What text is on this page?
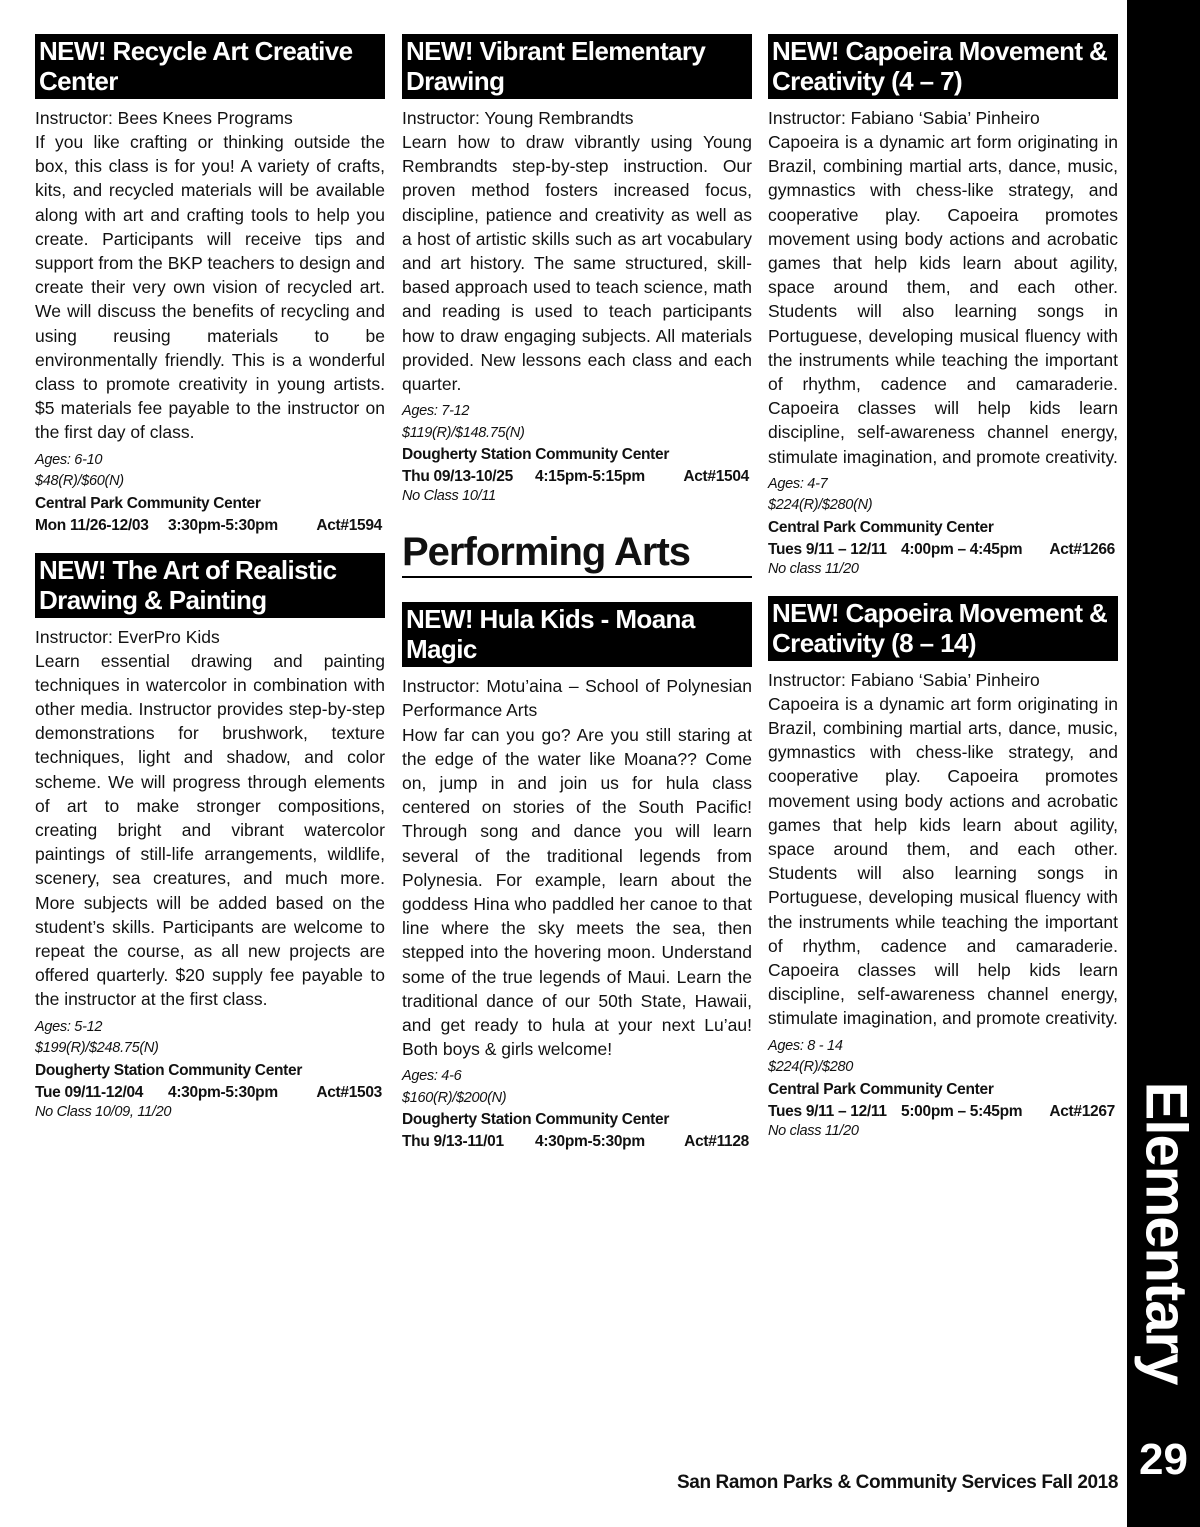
Elementary
29
NEW! Recycle Art Creative
Center
Instructor: Bees Knees Programs
If you like crafting or thinking outside the box, this class is for you! A variety of crafts, kits, and recycled materials will be available along with art and crafting tools to help you create. Participants will receive tips and support from the BKP teachers to design and create their very own vision of recycled art. We will discuss the benefits of recycling and using reusing materials to be environmentally friendly. This is a wonderful class to promote creativity in young artists. $5 materials fee payable to the instructor on the first day of class.
Ages: 6-10
$48(R)/$60(N)
Central Park Community Center
Mon 11/26-12/03	3:30pm-5:30pm	Act#1594
NEW! The Art of Realistic
Drawing & Painting
Instructor: EverPro Kids
Learn essential drawing and painting techniques in watercolor in combination with other media. Instructor provides step-by-step demonstrations for brushwork, texture techniques, light and shadow, and color scheme. We will progress through elements of art to make stronger compositions, creating bright and vibrant watercolor paintings of still-life arrangements, wildlife, scenery, sea creatures, and much more. More subjects will be added based on the student’s skills. Participants are welcome to repeat the course, as all new projects are offered quarterly. $20 supply fee payable to the instructor at the first class.
Ages: 5-12
$199(R)/$248.75(N)
Dougherty Station Community Center
Tue 09/11-12/04	4:30pm-5:30pm	Act#1503
No Class 10/09, 11/20
NEW! Vibrant Elementary
Drawing
Instructor: Young Rembrandts
Learn how to draw vibrantly using Young Rembrandts step-by-step instruction. Our proven method fosters increased focus, discipline, patience and creativity as well as a host of artistic skills such as art vocabulary and art history. The same structured, skill-based approach used to teach science, math and reading is used to teach participants how to draw engaging subjects. All materials provided. New lessons each class and each quarter.
Ages: 7-12
$119(R)/$148.75(N)
Dougherty Station Community Center
Thu 09/13-10/25	4:15pm-5:15pm	Act#1504
No Class 10/11
Performing Arts
NEW! Hula Kids - Moana Magic
Instructor: Motu’aina – School of Polynesian Performance Arts
How far can you go? Are you still staring at the edge of the water like Moana?? Come on, jump in and join us for hula class centered on stories of the South Pacific! Through song and dance you will learn several of the traditional legends from Polynesia. For example, learn about the goddess Hina who paddled her canoe to that line where the sky meets the sea, then stepped into the hovering moon. Understand some of the true legends of Maui. Learn the traditional dance of our 50th State, Hawaii, and get ready to hula at your next Lu’au! Both boys & girls welcome!
Ages: 4-6
$160(R)/$200(N)
Dougherty Station Community Center
Thu 9/13-11/01	4:30pm-5:30pm	Act#1128
NEW! Capoeira Movement &
Creativity (4 – 7)
Instructor: Fabiano ‘Sabia’ Pinheiro
Capoeira is a dynamic art form originating in Brazil, combining martial arts, dance, music, gymnastics with chess-like strategy, and cooperative play. Capoeira promotes movement using body actions and acrobatic games that help kids learn about agility, space around them, and each other. Students will also learning songs in Portuguese, developing musical fluency with the instruments while teaching the important of rhythm, cadence and camaraderie. Capoeira classes will help kids learn discipline, self-awareness channel energy, stimulate imagination, and promote creativity.
Ages: 4-7
$224(R)/$280(N)
Central Park Community Center
Tues 9/11 – 12/11 4:00pm – 4:45pm	Act#1266
No class 11/20
NEW! Capoeira Movement &
Creativity (8 – 14)
Instructor: Fabiano ‘Sabia’ Pinheiro
Capoeira is a dynamic art form originating in Brazil, combining martial arts, dance, music, gymnastics with chess-like strategy, and cooperative play. Capoeira promotes movement using body actions and acrobatic games that help kids learn about agility, space around them, and each other. Students will also learning songs in Portuguese, developing musical fluency with the instruments while teaching the important of rhythm, cadence and camaraderie. Capoeira classes will help kids learn discipline, self-awareness channel energy, stimulate imagination, and promote creativity.
Ages: 8 - 14
$224(R)/$280
Central Park Community Center
Tues 9/11 – 12/11 5:00pm – 5:45pm	Act#1267
No class 11/20
San Ramon Parks & Community Services Fall 2018
